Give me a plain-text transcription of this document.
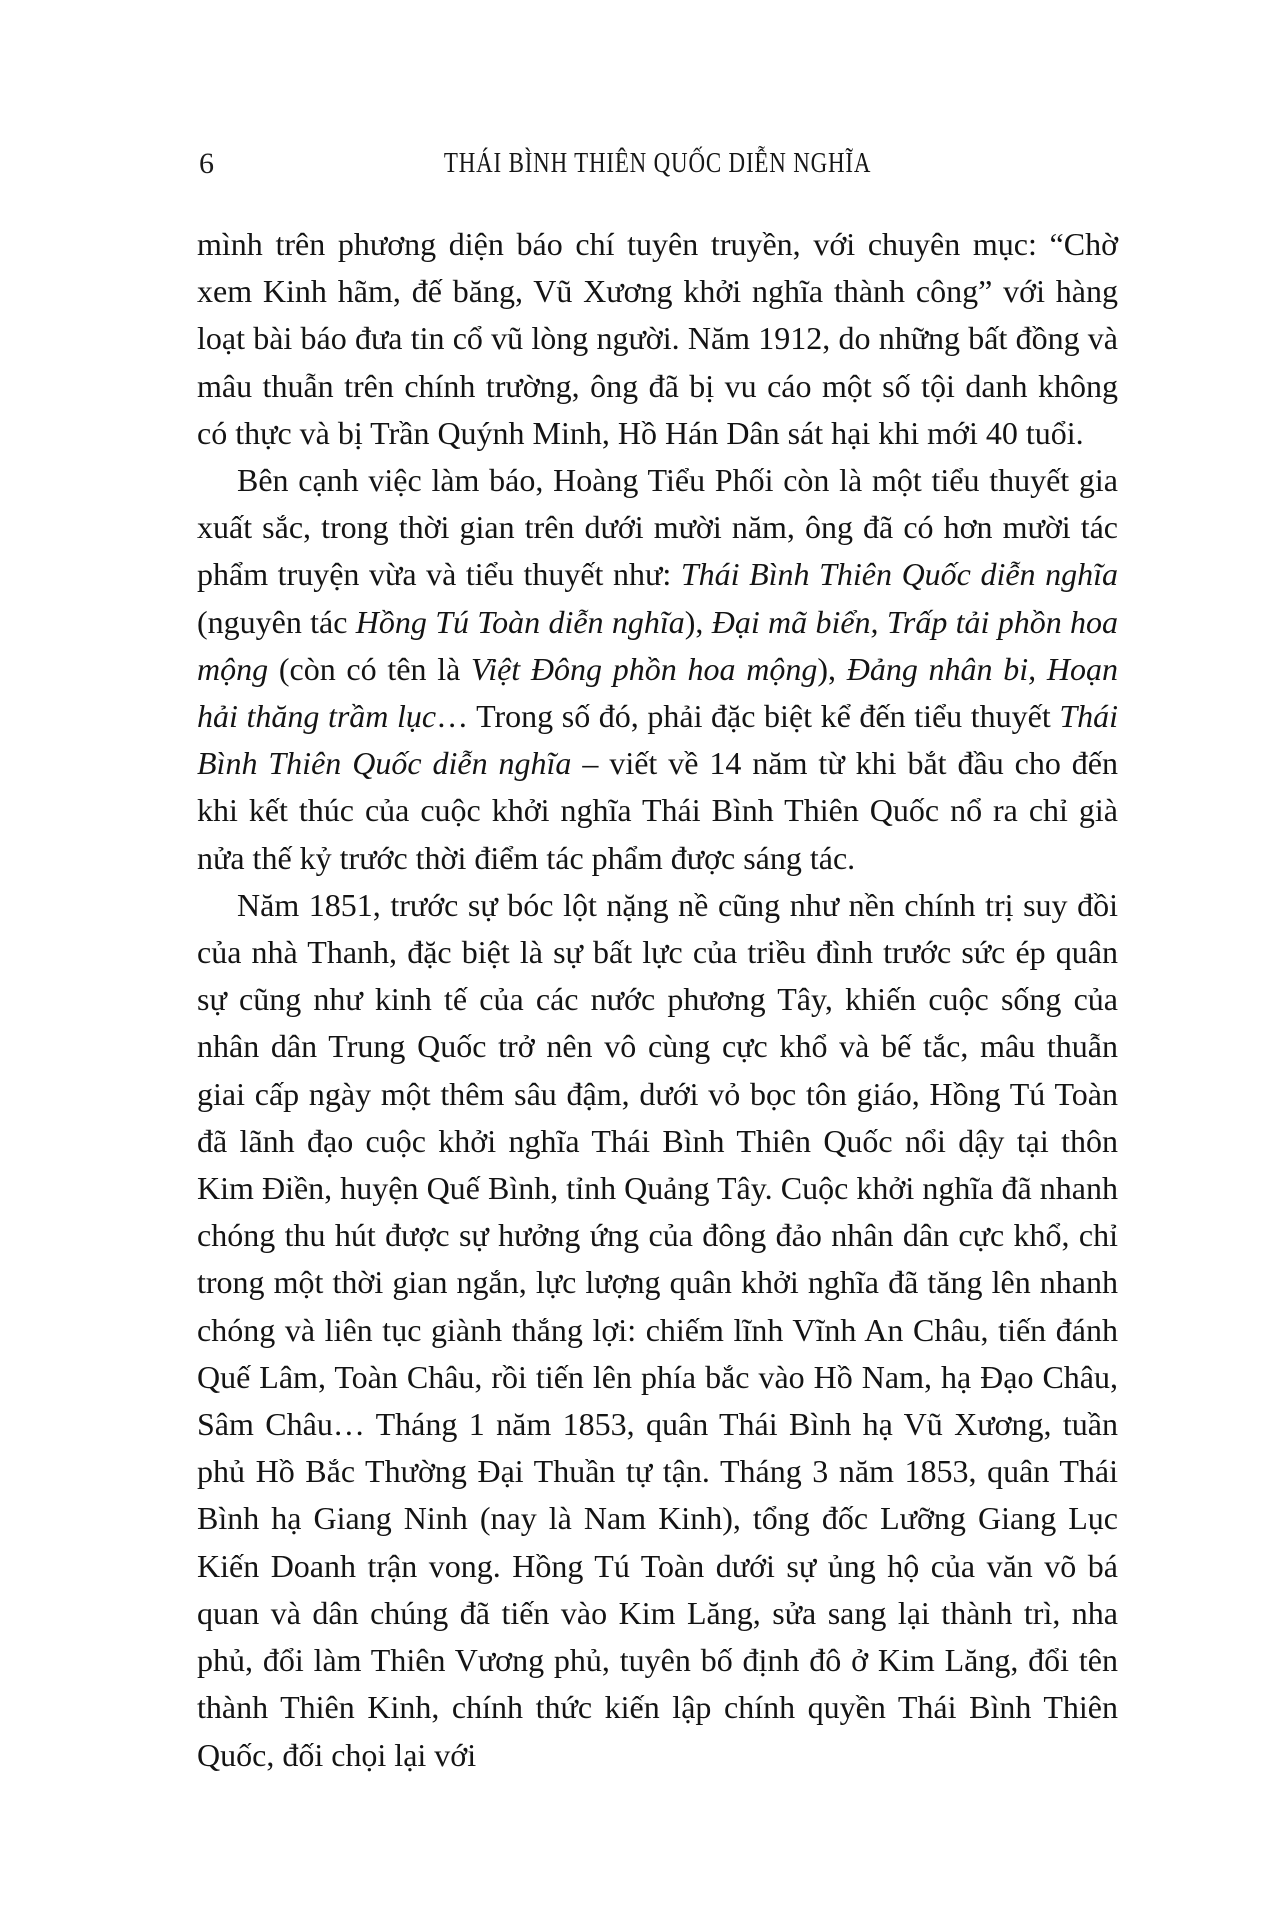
6	THÁI BÌNH THIÊN QUỐC DIỄN NGHĨA

mình trên phương diện báo chí tuyên truyền, với chuyên mục: “Chờ xem Kinh hãm, đế băng, Vũ Xương khởi nghĩa thành công” với hàng loạt bài báo đưa tin cổ vũ lòng người. Năm 1912, do những bất đồng và mâu thuẫn trên chính trường, ông đã bị vu cáo một số tội danh không có thực và bị Trần Quýnh Minh, Hồ Hán Dân sát hại khi mới 40 tuổi.

Bên cạnh việc làm báo, Hoàng Tiểu Phối còn là một tiểu thuyết gia xuất sắc, trong thời gian trên dưới mười năm, ông đã có hơn mười tác phẩm truyện vừa và tiểu thuyết như: Thái Bình Thiên Quốc diễn nghĩa (nguyên tác Hồng Tú Toàn diễn nghĩa), Đại mã biển, Trấp tải phồn hoa mộng (còn có tên là Việt Đông phồn hoa mộng), Đảng nhân bi, Hoạn hải thăng trầm lục… Trong số đó, phải đặc biệt kể đến tiểu thuyết Thái Bình Thiên Quốc diễn nghĩa – viết về 14 năm từ khi bắt đầu cho đến khi kết thúc của cuộc khởi nghĩa Thái Bình Thiên Quốc nổ ra chỉ già nửa thế kỷ trước thời điểm tác phẩm được sáng tác.

Năm 1851, trước sự bóc lột nặng nề cũng như nền chính trị suy đồi của nhà Thanh, đặc biệt là sự bất lực của triều đình trước sức ép quân sự cũng như kinh tế của các nước phương Tây, khiến cuộc sống của nhân dân Trung Quốc trở nên vô cùng cực khổ và bế tắc, mâu thuẫn giai cấp ngày một thêm sâu đậm, dưới vỏ bọc tôn giáo, Hồng Tú Toàn đã lãnh đạo cuộc khởi nghĩa Thái Bình Thiên Quốc nổi dậy tại thôn Kim Điền, huyện Quế Bình, tỉnh Quảng Tây. Cuộc khởi nghĩa đã nhanh chóng thu hút được sự hưởng ứng của đông đảo nhân dân cực khổ, chỉ trong một thời gian ngắn, lực lượng quân khởi nghĩa đã tăng lên nhanh chóng và liên tục giành thắng lợi: chiếm lĩnh Vĩnh An Châu, tiến đánh Quế Lâm, Toàn Châu, rồi tiến lên phía bắc vào Hồ Nam, hạ Đạo Châu, Sâm Châu… Tháng 1 năm 1853, quân Thái Bình hạ Vũ Xương, tuần phủ Hồ Bắc Thường Đại Thuần tự tận. Tháng 3 năm 1853, quân Thái Bình hạ Giang Ninh (nay là Nam Kinh), tổng đốc Lưỡng Giang Lục Kiến Doanh trận vong. Hồng Tú Toàn dưới sự ủng hộ của văn võ bá quan và dân chúng đã tiến vào Kim Lăng, sửa sang lại thành trì, nha phủ, đổi làm Thiên Vương phủ, tuyên bố định đô ở Kim Lăng, đổi tên thành Thiên Kinh, chính thức kiến lập chính quyền Thái Bình Thiên Quốc, đối chọi lại với
